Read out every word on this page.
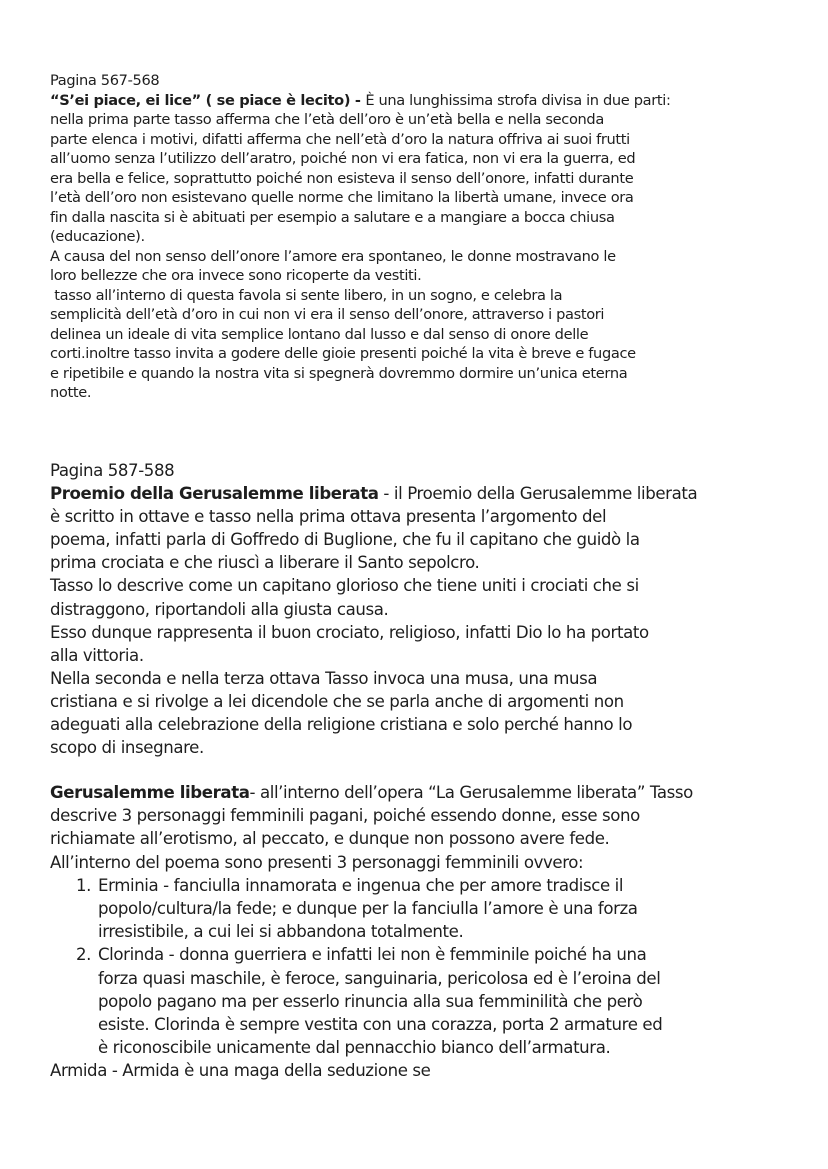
Pagina 567-568
“S’ei piace, ei lice” ( se piace è lecito) - È una lunghissima strofa divisa in due parti:
nella prima parte tasso afferma che l’età dell’oro è un’età bella e nella seconda
parte elenca i motivi, difatti afferma che nell’età d’oro la natura offriva ai suoi frutti
all’uomo senza l’utilizzo dell’aratro, poiché non vi era fatica, non vi era la guerra, ed
era bella e felice, soprattutto poiché non esisteva il senso dell’onore, infatti durante
l’età dell’oro non esistevano quelle norme che limitano la libertà umane, invece ora
fin dalla nascita si è abituati per esempio a salutare e a mangiare a bocca chiusa
(educazione).
A causa del non senso dell’onore l’amore era spontaneo, le donne mostravano le
loro bellezze che ora invece sono ricoperte da vestiti.
tasso all’interno di questa favola si sente libero, in un sogno, e celebra la
semplicità dell’età d’oro in cui non vi era il senso dell’onore, attraverso i pastori
delinea un ideale di vita semplice lontano dal lusso e dal senso di onore delle
corti.inoltre tasso invita a godere delle gioie presenti poiché la vita è breve e fugace
e ripetibile e quando la nostra vita si spegnerà dovremmo dormire un’unica eterna
notte.
Pagina 587-588
Proemio della Gerusalemme liberata - il Proemio della Gerusalemme liberata
è scritto in ottave e tasso nella prima ottava presenta l’argomento del
poema, infatti parla di Goffredo di Buglione, che fu il capitano che guidò la
prima crociata e che riuscì a liberare il Santo sepolcro.
Tasso lo descrive come un capitano glorioso che tiene uniti i crociati che si
distraggono, riportandoli alla giusta causa.
Esso dunque rappresenta il buon crociato, religioso, infatti Dio lo ha portato
alla vittoria.
Nella seconda e nella terza ottava Tasso invoca una musa, una musa
cristiana e si rivolge a lei dicendole che se parla anche di argomenti non
adeguati alla celebrazione della religione cristiana e solo perché hanno lo
scopo di insegnare.
Gerusalemme liberata- all’interno dell’opera “La Gerusalemme liberata” Tasso
descrive 3 personaggi femminili pagani, poiché essendo donne, esse sono
richiamate all’erotismo, al peccato, e dunque non possono avere fede.
All’interno del poema sono presenti 3 personaggi femminili ovvero:
1. Erminia - fanciulla innamorata e ingenua che per amore tradisce il
popolo/cultura/la fede; e dunque per la fanciulla l’amore è una forza
irresistibile, a cui lei si abbandona totalmente.
2. Clorinda - donna guerriera e infatti lei non è femminile poiché ha una
forza quasi maschile, è feroce, sanguinaria, pericolosa ed è l’eroina del
popolo pagano ma per esserlo rinuncia alla sua femminilità che però
esiste. Clorinda è sempre vestita con una corazza, porta 2 armature ed
è riconoscibile unicamente dal pennacchio bianco dell’armatura.
Armida - Armida è una maga della seduzione se
